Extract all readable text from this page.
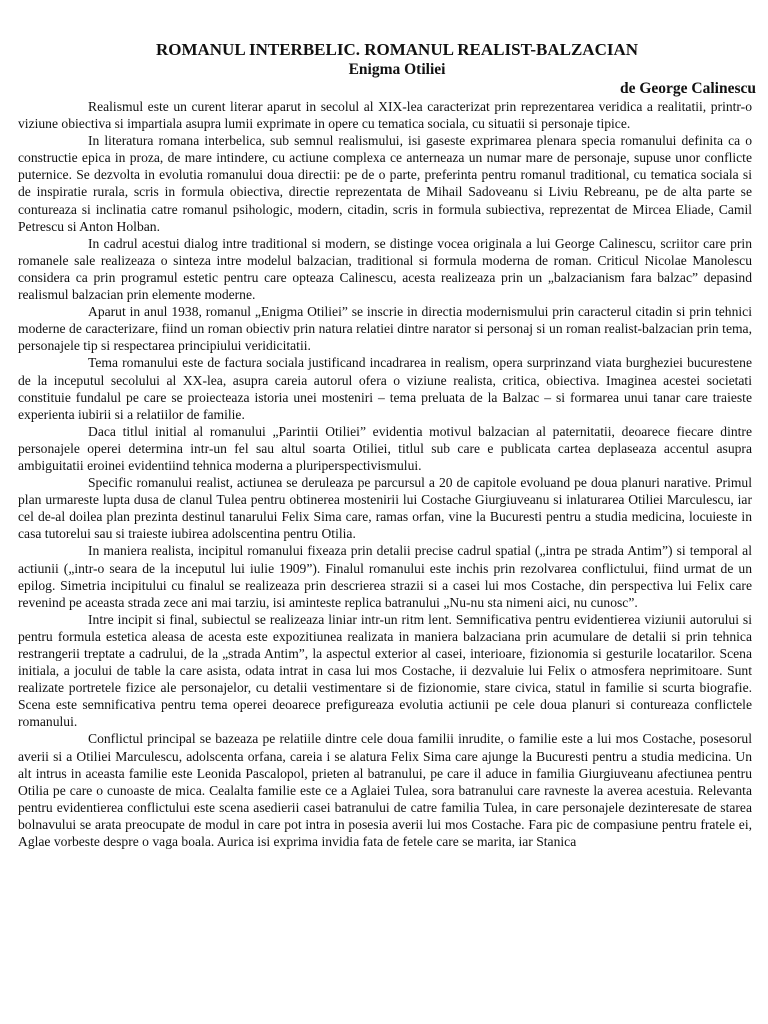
ROMANUL INTERBELIC. ROMANUL REALIST-BALZACIAN
Enigma Otiliei
de George Calinescu

Realismul este un curent literar aparut in secolul al XIX-lea caracterizat prin reprezentarea veridica a realitatii, printr-o viziune obiectiva si impartiala asupra lumii exprimate in opere cu tematica sociala, cu situatii si personaje tipice.

In literatura romana interbelica, sub semnul realismului, isi gaseste exprimarea plenara specia romanului definita ca o constructie epica in proza, de mare intindere, cu actiune complexa ce anterneaza un numar mare de personaje, supuse unor conflicte puternice. Se dezvolta in evolutia romanului doua directii: pe de o parte, preferinta pentru romanul traditional, cu tematica sociala si de inspiratie rurala, scris in formula obiectiva, directie reprezentata de Mihail Sadoveanu si Liviu Rebreanu, pe de alta parte se contureaza si inclinatia catre romanul psihologic, modern, citadin, scris in formula subiectiva, reprezentat de Mircea Eliade, Camil Petrescu si Anton Holban.

In cadrul acestui dialog intre traditional si modern, se distinge vocea originala a lui George Calinescu, scriitor care prin romanele sale realizeaza o sinteza intre modelul balzacian, traditional si formula moderna de roman. Criticul Nicolae Manolescu considera ca prin programul estetic pentru care opteaza Calinescu, acesta realizeaza prin un „balzacianism fara balzac” depasind realismul balzacian prin elemente moderne.

Aparut in anul 1938, romanul „Enigma Otiliei” se inscrie in directia modernismului prin caracterul citadin si prin tehnici moderne de caracterizare, fiind un roman obiectiv prin natura relatiei dintre narator si personaj si un roman realist-balzacian prin tema, personajele tip si respectarea principiului veridicitatii.

Tema romanului este de factura sociala justificand incadrarea in realism, opera surprinzand viata burgheziei bucurestene de la inceputul secolului al XX-lea, asupra careia autorul ofera o viziune realista, critica, obiectiva. Imaginea acestei societati constituie fundalul pe care se proiecteaza istoria unei mosteniri – tema preluata de la Balzac – si formarea unui tanar care traieste experienta iubirii si a relatiilor de familie.

Daca titlul initial al romanului „Parintii Otiliei” evidentia motivul balzacian al paternitatii, deoarece fiecare dintre personajele operei determina intr-un fel sau altul soarta Otiliei, titlul sub care e publicata cartea deplaseaza accentul asupra ambiguitatii eroinei evidentiind tehnica moderna a pluriperspectivismului.

Specific romanului realist, actiunea se deruleaza pe parcursul a 20 de capitole evoluand pe doua planuri narative. Primul plan urmareste lupta dusa de clanul Tulea pentru obtinerea mostenirii lui Costache Giurgiuveanu si inlaturarea Otiliei Marculescu, iar cel de-al doilea plan prezinta destinul tanarului Felix Sima care, ramas orfan, vine la Bucuresti pentru a studia medicina, locuieste in casa tutorelui sau si traieste iubirea adolscentina pentru Otilia.

In maniera realista, incipitul romanului fixeaza prin detalii precise cadrul spatial („intra pe strada Antim”) si temporal al actiunii („intr-o seara de la inceputul lui iulie 1909”). Finalul romanului este inchis prin rezolvarea conflictului, fiind urmat de un epilog. Simetria incipitului cu finalul se realizeaza prin descrierea strazii si a casei lui mos Costache, din perspectiva lui Felix care revenind pe aceasta strada zece ani mai tarziu, isi aminteste replica batranului „Nu-nu sta nimeni aici, nu cunosc”.

Intre incipit si final, subiectul se realizeaza liniar intr-un ritm lent. Semnificativa pentru evidentierea viziunii autorului si pentru formula estetica aleasa de acesta este expozitiunea realizata in maniera balzaciana prin acumulare de detalii si prin tehnica restrangerii treptate a cadrului, de la „strada Antim”, la aspectul exterior al casei, interioare, fizionomia si gesturile locatarilor. Scena initiala, a jocului de table la care asista, odata intrat in casa lui mos Costache, ii dezvaluie lui Felix o atmosfera neprimitoare. Sunt realizate portretele fizice ale personajelor, cu detalii vestimentare si de fizionomie, stare civica, statul in familie si scurta biografie. Scena este semnificativa pentru tema operei deoarece prefigureaza evolutia actiunii pe cele doua planuri si contureaza conflictele romanului.

Conflictul principal se bazeaza pe relatiile dintre cele doua familii inrudite, o familie este a lui mos Costache, posesorul averii si a Otiliei Marculescu, adolscenta orfana, careia i se alatura Felix Sima care ajunge la Bucuresti pentru a studia medicina. Un alt intrus in aceasta familie este Leonida Pascalopol, prieten al batranului, pe care il aduce in familia Giurgiuveanu afectiunea pentru Otilia pe care o cunoaste de mica. Cealalta familie este ce a Aglaiei Tulea, sora batranului care ravneste la averea acestuia. Relevanta pentru evidentierea conflictului este scena asedierii casei batranului de catre familia Tulea, in care personajele dezinteresate de starea bolnavului se arata preocupate de modul in care pot intra in posesia averii lui mos Costache. Fara pic de compasiune pentru fratele ei, Aglae vorbeste despre o vaga boala. Aurica isi exprima invidia fata de fetele care se marita, iar Stanica
